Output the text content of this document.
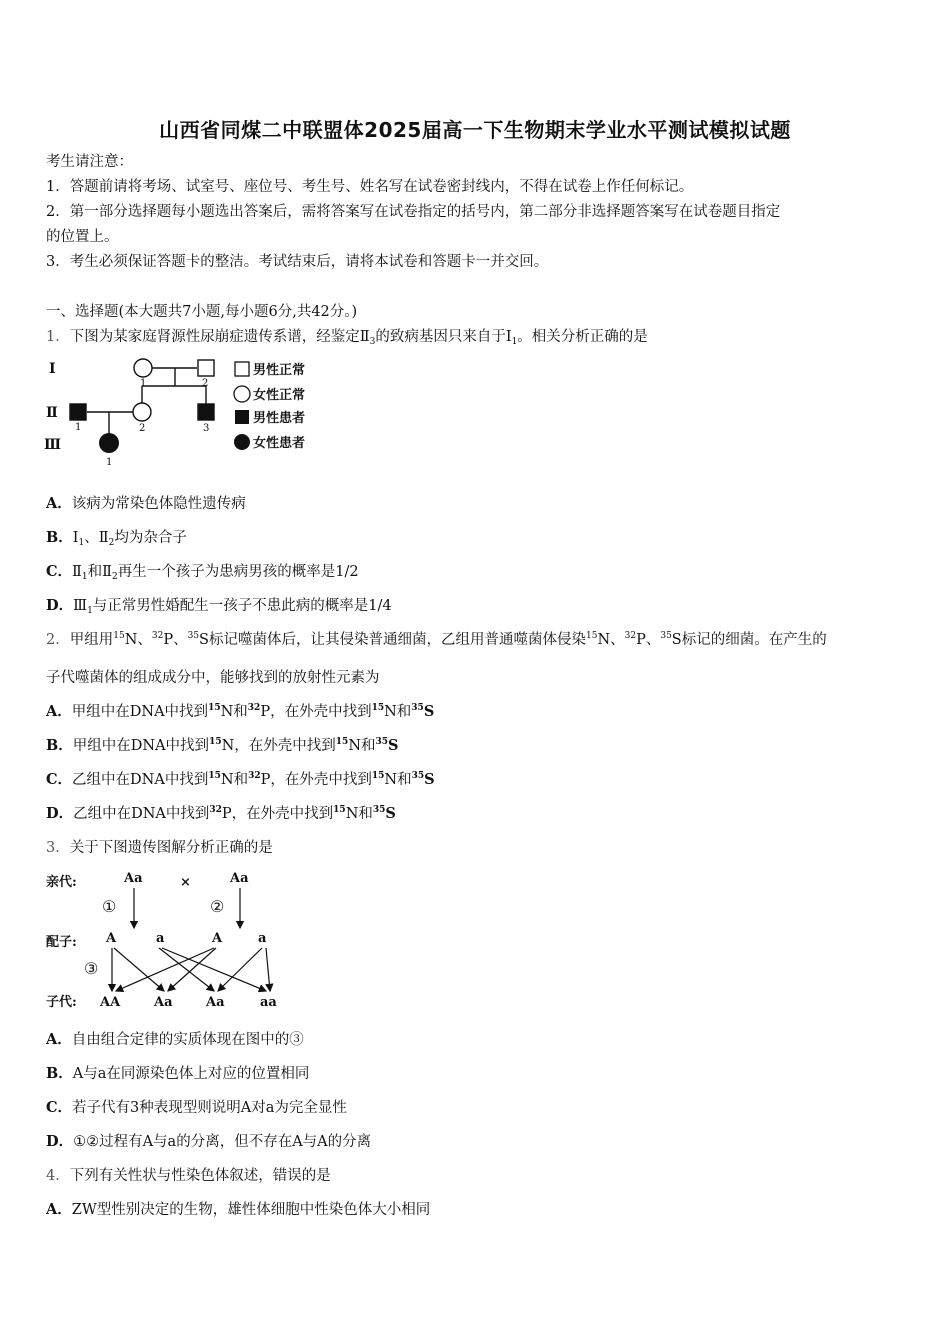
山西省同煤二中联盟体2025届高一下生物期末学业水平测试模拟试题
考生请注意：
1．答题前请将考场、试室号、座位号、考生号、姓名写在试卷密封线内，不得在试卷上作任何标记。
2．第一部分选择题每小题选出答案后，需将答案写在试卷指定的括号内，第二部分非选择题答案写在试卷题目指定
的位置上。
3．考生必须保证答题卡的整洁。考试结束后，请将本试卷和答题卡一并交回。
一、选择题(本大题共7小题,每小题6分,共42分。)
1．下图为某家庭肾源性尿崩症遗传系谱，经鉴定$Ⅱ_3$的致病基因只来自于$Ⅰ_1$。相关分析正确的是
Ⅰ
Ⅱ
Ⅲ
1	2
1	2	3
1
男性正常
女性正常
男性患者
女性患者
A．该病为常染色体隐性遗传病
B．$Ⅰ_1$、$Ⅱ_2$均为杂合子
C．$Ⅱ_1$和$Ⅱ_2$再生一个孩子为患病男孩的概率是1/2
D．$Ⅲ_1$与正常男性婚配生一孩子不患此病的概率是1/4
2．甲组用$^{15}$N、$^{32}$P、$^{35}$S标记噬菌体后，让其侵染普通细菌，乙组用普通噬菌体侵染$^{15}$N、$^{32}$P、$^{35}$S标记的细菌。在产生的
子代噬菌体的组成成分中，能够找到的放射性元素为
A．甲组中在DNA中找到$^{15}$N和$^{32}$P，在外壳中找到$^{15}$N和$^{35}$S
B．甲组中在DNA中找到$^{15}$N，在外壳中找到$^{15}$N和$^{35}$S
C．乙组中在DNA中找到$^{15}$N和$^{32}$P，在外壳中找到$^{15}$N和$^{35}$S
D．乙组中在DNA中找到$^{32}$P，在外壳中找到$^{15}$N和$^{35}$S
3．关于下图遗传图解分析正确的是
亲代:
配子:
子代:
Aa	×	Aa
A	a	A	a
AA	Aa	Aa	aa
①	②
③
A．自由组合定律的实质体现在图中的③
B．A与a在同源染色体上对应的位置相同
C．若子代有3种表现型则说明A对a为完全显性
D．①②过程有A与a的分离，但不存在A与A的分离
4．下列有关性状与性染色体叙述，错误的是
A．ZW型性别决定的生物，雄性体细胞中性染色体大小相同
